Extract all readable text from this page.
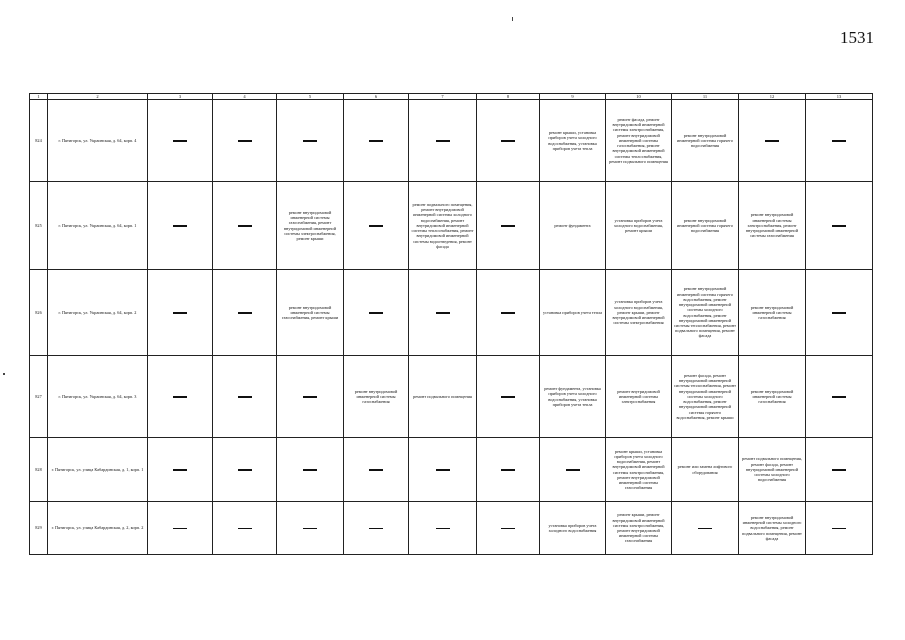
1531
1	2	3	4	5	6	7	8	9	10	11	12	13
824	г. Пятигорск, ул. Украинская, д. 64, корп. 4							ремонт крыши, установка приборов учета холодного водоснабжения, установка приборов учета тепла	ремонт фасада, ремонт внутридомовой инженерной системы электроснабжения, ремонт внутридомовой инженерной системы газоснабжения, ремонт внутридомовой инженерной системы теплоснабжения, ремонт подвального помещения	ремонт внутридомовой инженерной системы горячего водоснабжения		
825	г. Пятигорск, ул. Украинская, д. 64, корп. 1			ремонт внутридомовой инженерной системы газоснабжения, ремонт внутридомовой инженерной системы электроснабжения, ремонт крыши		ремонт подвального помещения, ремонт внутридомовой инженерной системы холодного водоснабжения, ремонт внутридомовой инженерной системы теплоснабжения, ремонт внутридомовой инженерной системы водоотведения, ремонт фасада		ремонт фундамента	установка приборов учета холодного водоснабжения, ремонт крыши	ремонт внутридомовой инженерной системы горячего водоснабжения	ремонт внутридомовой инженерной системы электроснабжения, ремонт внутридомовой инженерной системы газоснабжения	
826	г. Пятигорск, ул. Украинская, д. 64, корп. 2			ремонт внутридомовой инженерной системы газоснабжения, ремонт крыши				установка приборов учета тепла	установка приборов учета холодного водоснабжения, ремонт крыши, ремонт внутридомовой инженерной системы электроснабжения	ремонт внутридомовой инженерной системы горячего водоснабжения, ремонт внутридомовой инженерной системы холодного водоснабжения, ремонт внутридомовой инженерной системы теплоснабжения, ремонт подвального помещения, ремонт фасада	ремонт внутридомовой инженерной системы газоснабжения	
827	г. Пятигорск, ул. Украинская, д. 64, корп. 3				ремонт внутридомовой инженерной системы газоснабжения	ремонт подвального помещения		ремонт фундамента, установка приборов учета холодного водоснабжения, установка приборов учета тепла	ремонт внутридомовой инженерной системы электроснабжения	ремонт фасада, ремонт внутридомовой инженерной системы теплоснабжения, ремонт внутридомовой инженерной системы холодного водоснабжения, ремонт внутридомовой инженерной системы горячего водоснабжения, ремонт крыши	ремонт внутридомовой инженерной системы газоснабжения	
828	г. Пятигорск, ул. улица Кабардинская, д. 1, корп. 1								ремонт крыши, установка приборов учета холодного водоснабжения, ремонт внутридомовой инженерной системы электроснабжения, ремонт внутридомовой инженерной системы газоснабжения	ремонт или замена лифтового оборудования	ремонт подвального помещения, ремонт фасада, ремонт внутридомовой инженерной системы холодного водоснабжения	
829	г. Пятигорск, ул. улица Кабардинская, д. 2, корп. 2							установка приборов учета холодного водоснабжения	ремонт крыши, ремонт внутридомовой инженерной системы электроснабжения, ремонт внутридомовой инженерной системы газоснабжения		ремонт внутридомовой инженерной системы холодного водоснабжения, ремонт подвального помещения, ремонт фасада	
